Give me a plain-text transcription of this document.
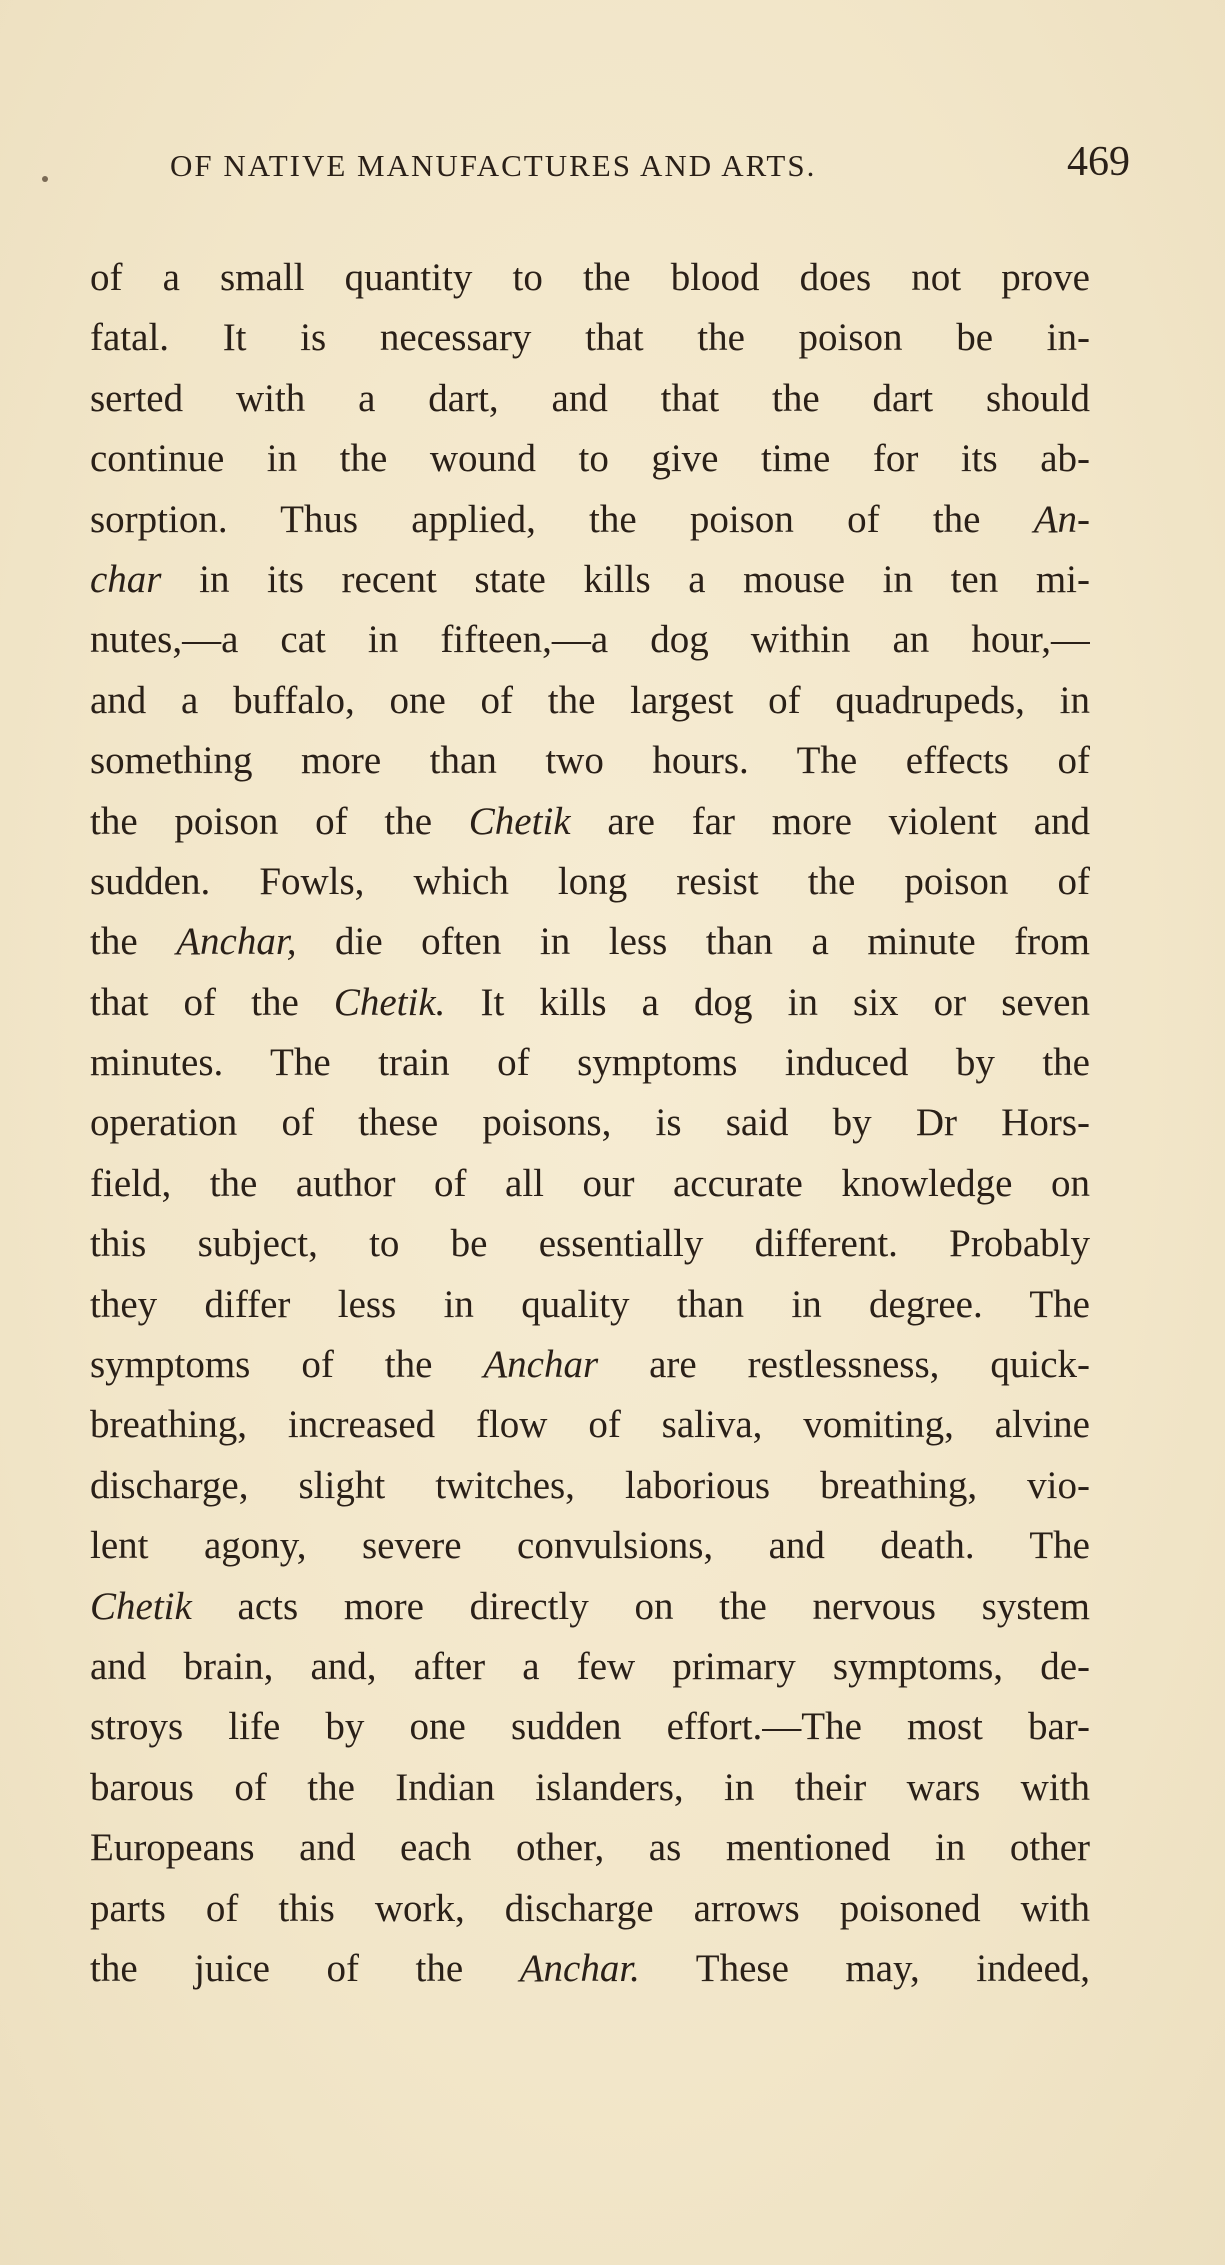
OF NATIVE MANUFACTURES AND ARTS.	469
of a small quantity to the blood does not prove
fatal. It is necessary that the poison be in-
serted with a dart, and that the dart should
continue in the wound to give time for its ab-
sorption. Thus applied, the poison of the An-
char in its recent state kills a mouse in ten mi-
nutes,—a cat in fifteen,—a dog within an hour,—
and a buffalo, one of the largest of quadrupeds, in
something more than two hours. The effects of
the poison of the Chetik are far more violent and
sudden. Fowls, which long resist the poison of
the Anchar, die often in less than a minute from
that of the Chetik. It kills a dog in six or seven
minutes. The train of symptoms induced by the
operation of these poisons, is said by Dr Hors-
field, the author of all our accurate knowledge on
this subject, to be essentially different. Probably
they differ less in quality than in degree. The
symptoms of the Anchar are restlessness, quick-
breathing, increased flow of saliva, vomiting, alvine
discharge, slight twitches, laborious breathing, vio-
lent agony, severe convulsions, and death. The
Chetik acts more directly on the nervous system
and brain, and, after a few primary symptoms, de-
stroys life by one sudden effort.—The most bar-
barous of the Indian islanders, in their wars with
Europeans and each other, as mentioned in other
parts of this work, discharge arrows poisoned with
the juice of the Anchar. These may, indeed,
